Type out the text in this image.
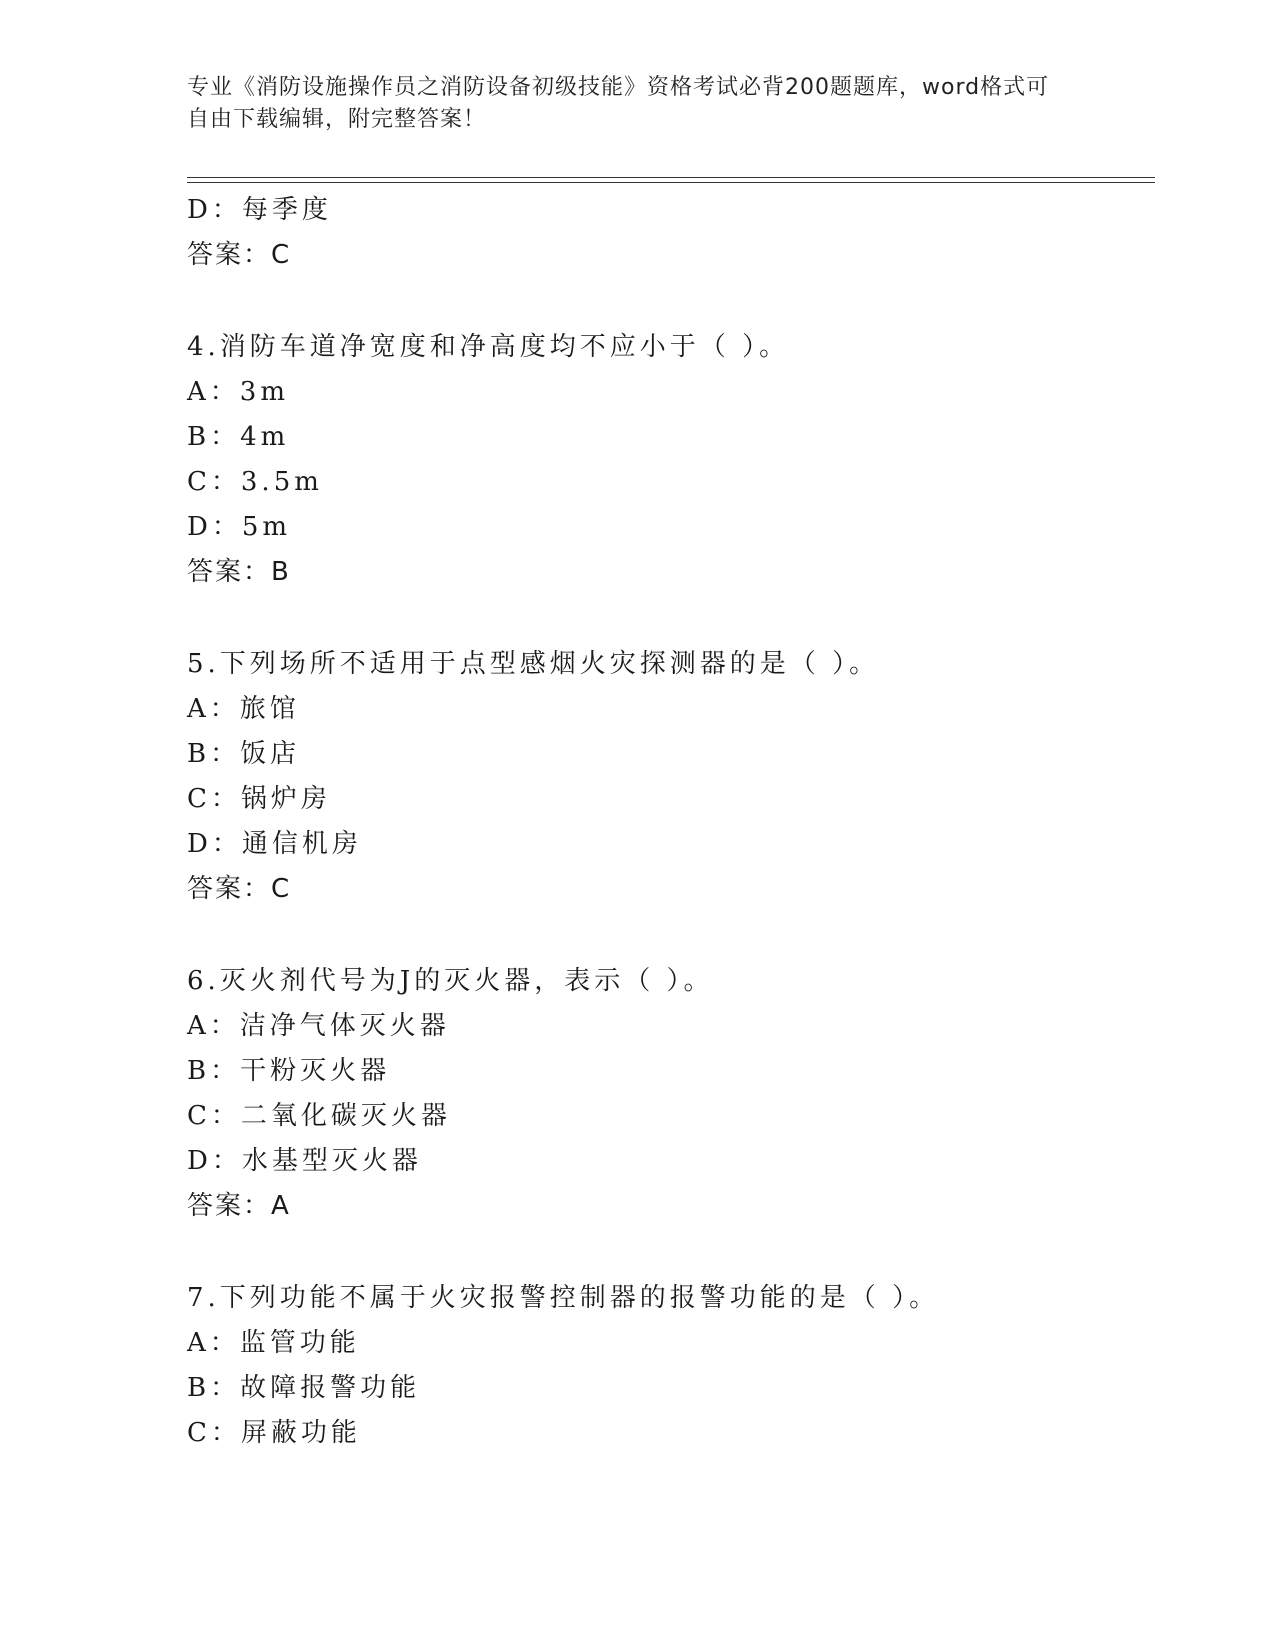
专业《消防设施操作员之消防设备初级技能》资格考试必背200题题库，word格式可自由下载编辑，附完整答案！
D：每季度
答案：C
4.消防车道净宽度和净高度均不应小于（ ）。
A：3m
B：4m
C：3.5m
D：5m
答案：B
5.下列场所不适用于点型感烟火灾探测器的是（ ）。
A：旅馆
B：饭店
C：锅炉房
D：通信机房
答案：C
6.灭火剂代号为J的灭火器，表示（ ）。
A：洁净气体灭火器
B：干粉灭火器
C：二氧化碳灭火器
D：水基型灭火器
答案：A
7.下列功能不属于火灾报警控制器的报警功能的是（ ）。
A：监管功能
B：故障报警功能
C：屏蔽功能
